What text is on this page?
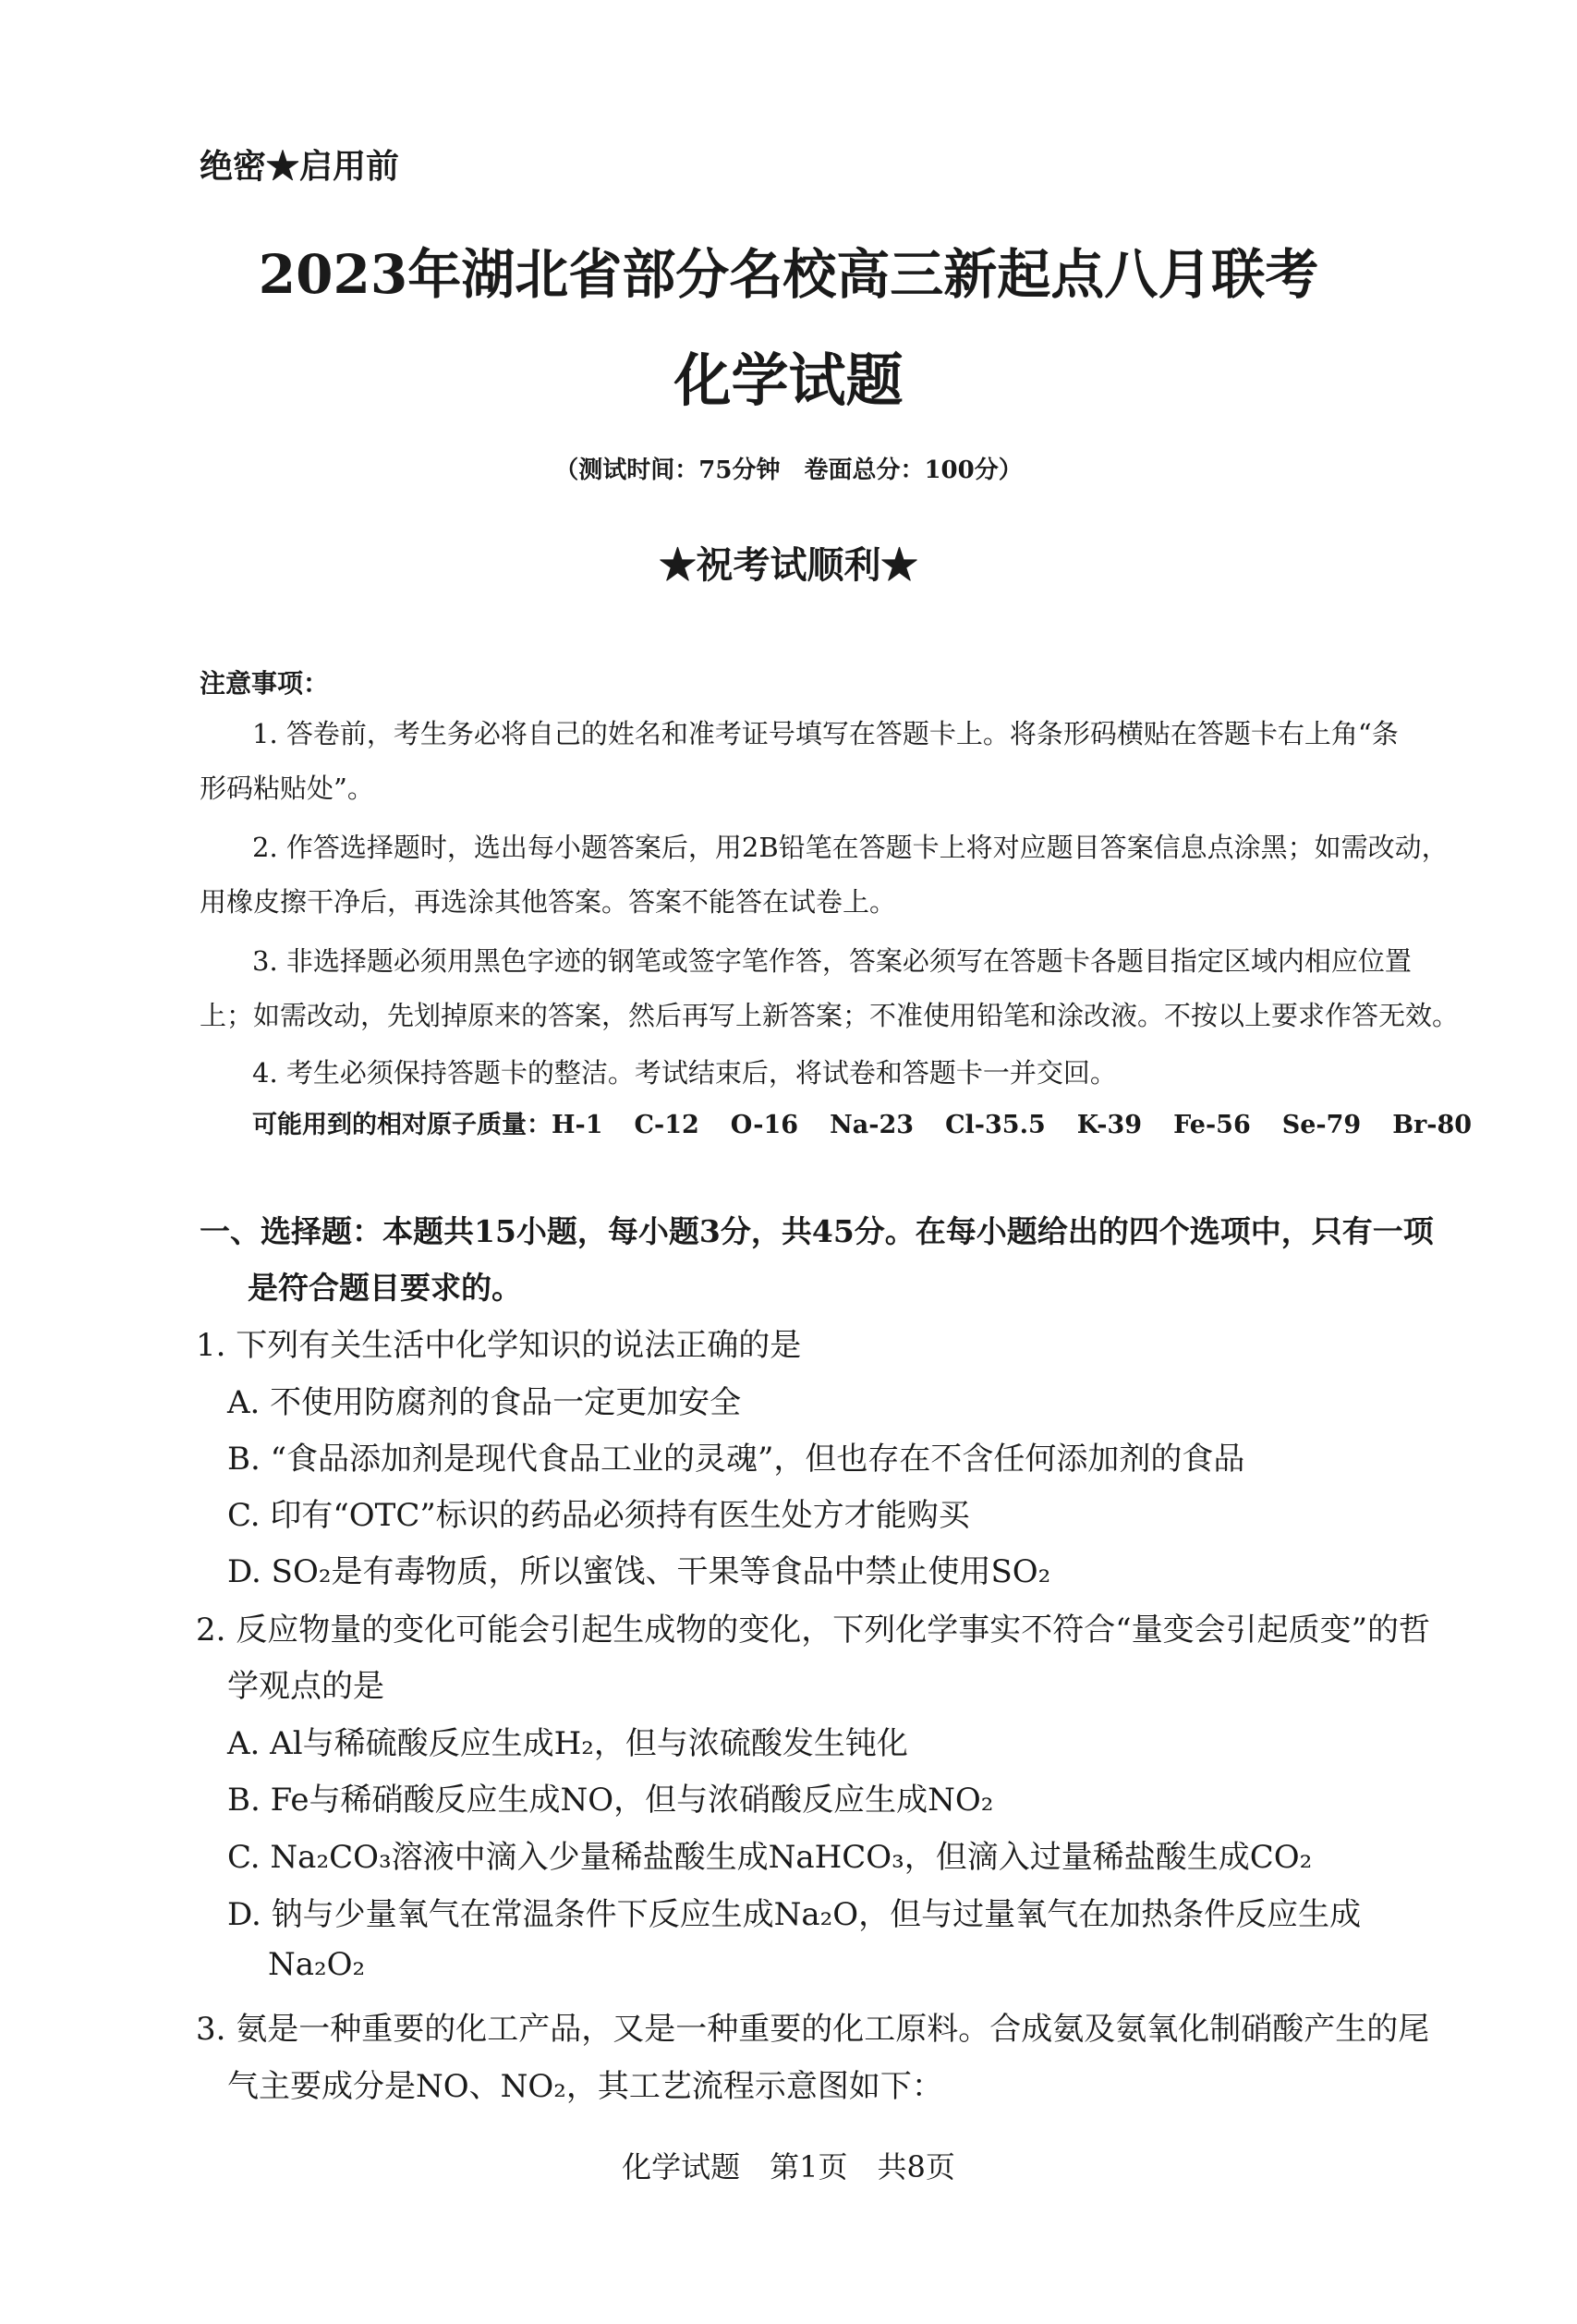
绝密★启用前
2023年湖北省部分名校高三新起点八月联考
化学试题
（测试时间：75分钟　卷面总分：100分）
★祝考试顺利★
注意事项：
1. 答卷前，考生务必将自己的姓名和准考证号填写在答题卡上。将条形码横贴在答题卡右上角“条
形码粘贴处”。
2. 作答选择题时，选出每小题答案后，用2B铅笔在答题卡上将对应题目答案信息点涂黑；如需改动，
用橡皮擦干净后，再选涂其他答案。答案不能答在试卷上。
3. 非选择题必须用黑色字迹的钢笔或签字笔作答，答案必须写在答题卡各题目指定区域内相应位置
上；如需改动，先划掉原来的答案，然后再写上新答案；不准使用铅笔和涂改液。不按以上要求作答无效。
4. 考生必须保持答题卡的整洁。考试结束后，将试卷和答题卡一并交回。
可能用到的相对原子质量：H-1 C-12 O-16 Na-23 Cl-35.5 K-39 Fe-56 Se-79 Br-80
一、选择题：本题共15小题，每小题3分，共45分。在每小题给出的四个选项中，只有一项
是符合题目要求的。
1. 下列有关生活中化学知识的说法正确的是
A. 不使用防腐剂的食品一定更加安全
B. “食品添加剂是现代食品工业的灵魂”，但也存在不含任何添加剂的食品
C. 印有“OTC”标识的药品必须持有医生处方才能购买
D. SO₂是有毒物质，所以蜜饯、干果等食品中禁止使用SO₂
2. 反应物量的变化可能会引起生成物的变化，下列化学事实不符合“量变会引起质变”的哲
学观点的是
A. Al与稀硫酸反应生成H₂，但与浓硫酸发生钝化
B. Fe与稀硝酸反应生成NO，但与浓硝酸反应生成NO₂
C. Na₂CO₃溶液中滴入少量稀盐酸生成NaHCO₃，但滴入过量稀盐酸生成CO₂
D. 钠与少量氧气在常温条件下反应生成Na₂O，但与过量氧气在加热条件反应生成
Na₂O₂
3. 氨是一种重要的化工产品，又是一种重要的化工原料。合成氨及氨氧化制硝酸产生的尾
气主要成分是NO、NO₂，其工艺流程示意图如下：
化学试题　第1页　共8页
